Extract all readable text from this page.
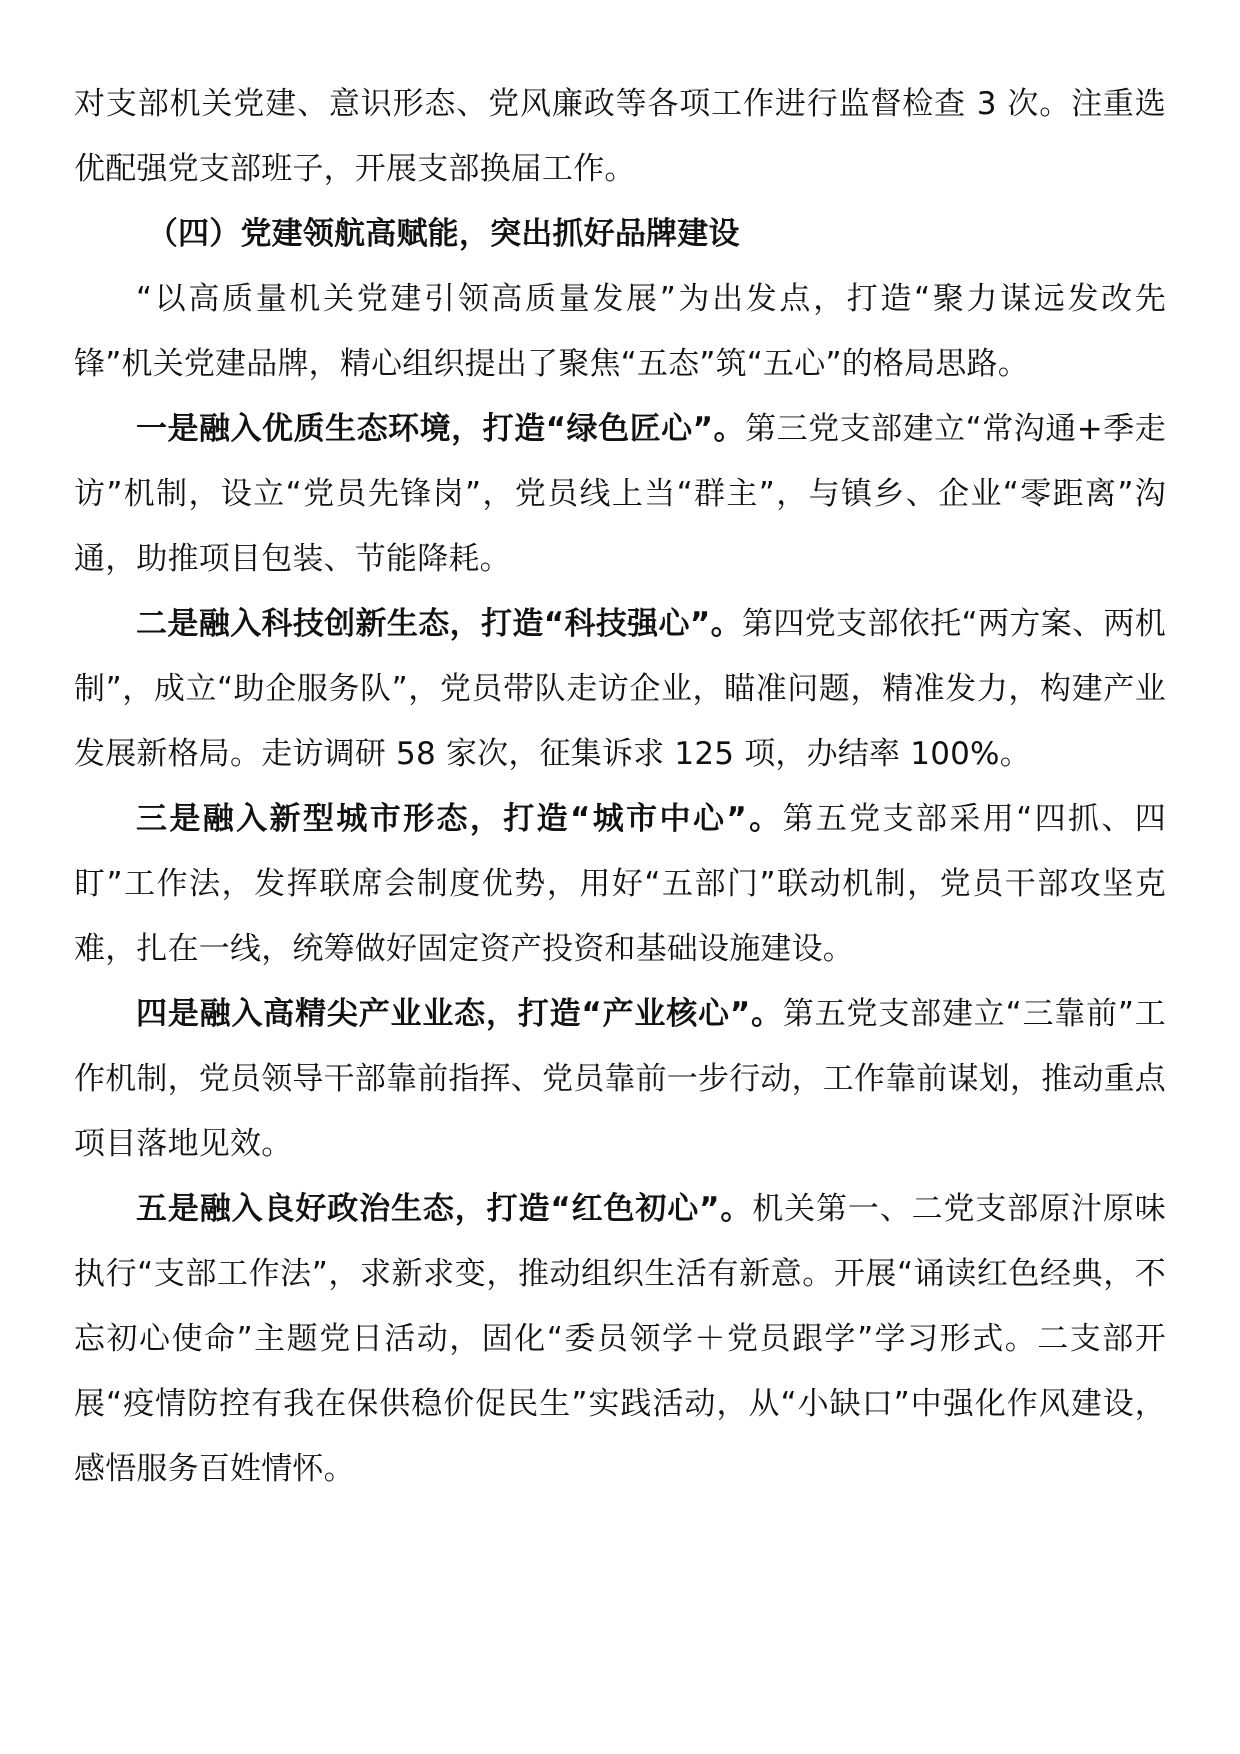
对支部机关党建、意识形态、党风廉政等各项工作进行监督检查 3 次。注重选优配强党支部班子，开展支部换届工作。

（四）党建领航高赋能，突出抓好品牌建设

“以高质量机关党建引领高质量发展”为出发点，打造“聚力谋远发改先锋”机关党建品牌，精心组织提出了聚焦“五态”筑“五心”的格局思路。

一是融入优质生态环境，打造“绿色匠心”。第三党支部建立“常沟通+季走访”机制，设立“党员先锋岗”，党员线上当“群主”，与镇乡、企业“零距离”沟通，助推项目包装、节能降耗。

二是融入科技创新生态，打造“科技强心”。第四党支部依托“两方案、两机制”，成立“助企服务队”，党员带队走访企业，瞄准问题，精准发力，构建产业发展新格局。走访调研 58 家次，征集诉求 125 项，办结率 100%。

三是融入新型城市形态，打造“城市中心”。第五党支部采用“四抓、四盯”工作法，发挥联席会制度优势，用好“五部门”联动机制，党员干部攻坚克难，扎在一线，统筹做好固定资产投资和基础设施建设。

四是融入高精尖产业业态，打造“产业核心”。第五党支部建立“三靠前”工作机制，党员领导干部靠前指挥、党员靠前一步行动，工作靠前谋划，推动重点项目落地见效。

五是融入良好政治生态，打造“红色初心”。机关第一、二党支部原汁原味执行“支部工作法”，求新求变，推动组织生活有新意。开展“诵读红色经典，不忘初心使命”主题党日活动，固化“委员领学＋党员跟学”学习形式。二支部开展“疫情防控有我在保供稳价促民生”实践活动，从“小缺口”中强化作风建设，感悟服务百姓情怀。
